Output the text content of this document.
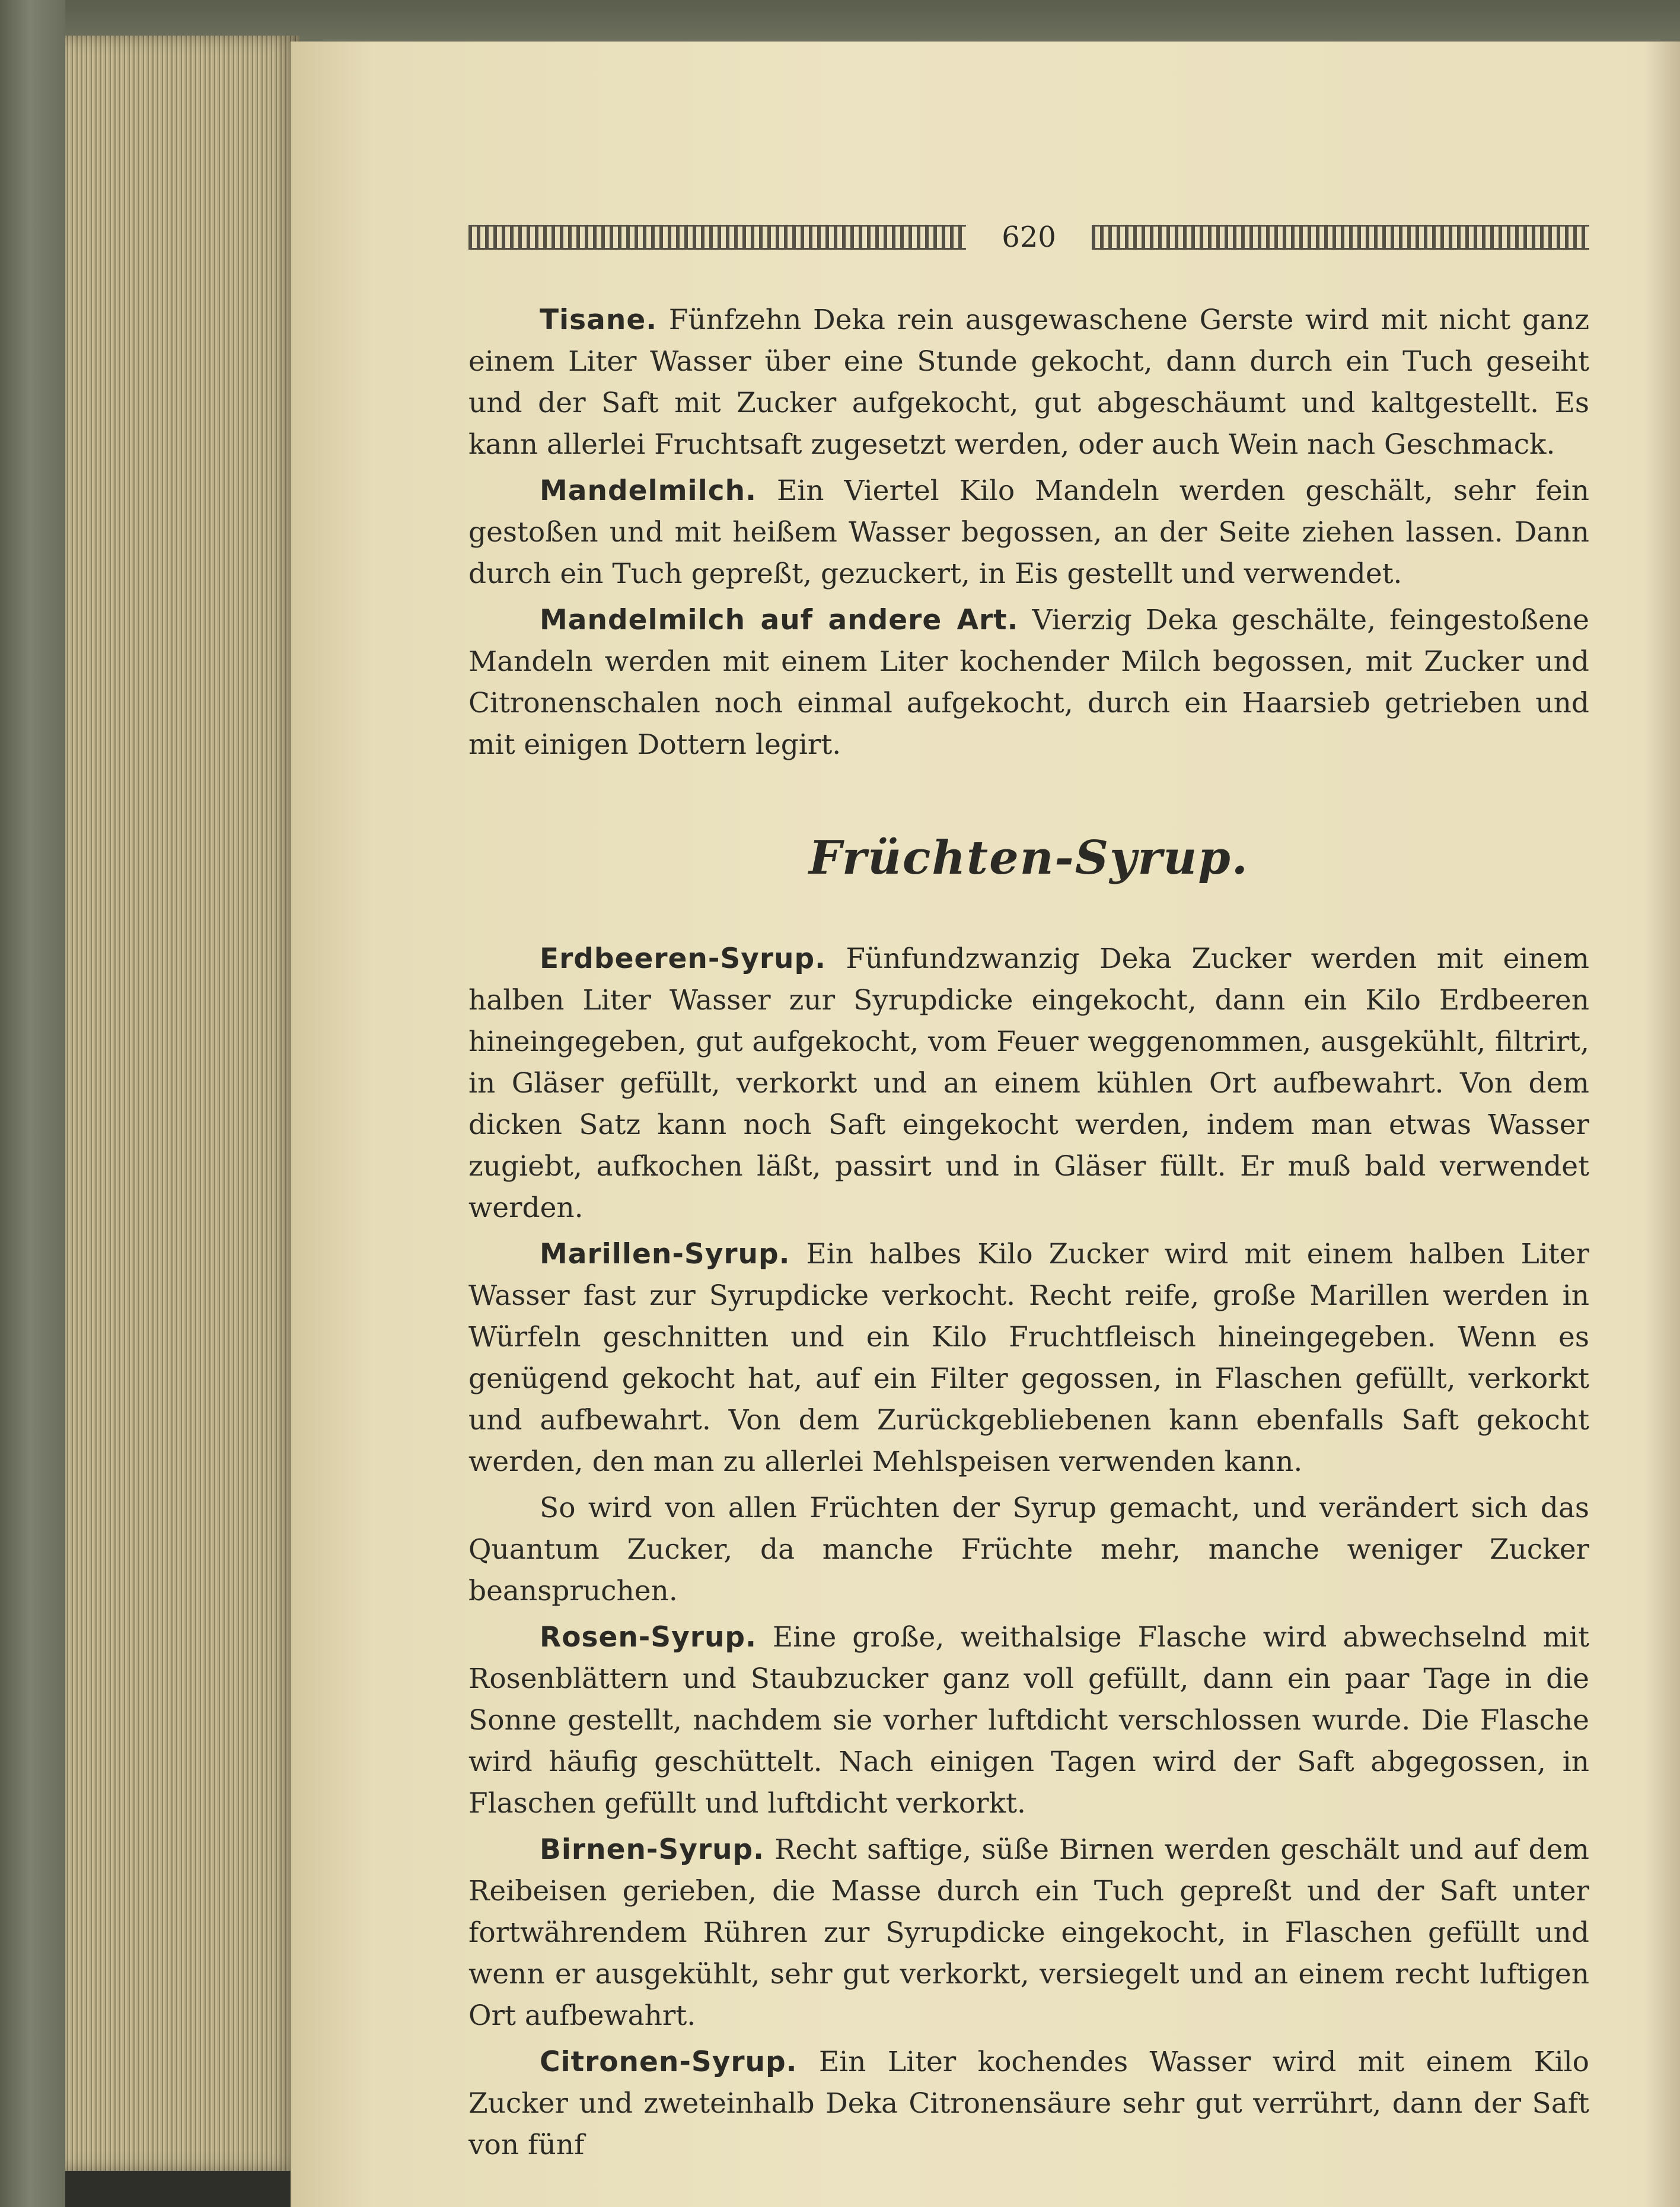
620

Tisane. Fünfzehn Deka rein ausgewaschene Gerste wird mit nicht ganz einem Liter Wasser über eine Stunde gekocht, dann durch ein Tuch geseiht und der Saft mit Zucker aufgekocht, gut abgeschäumt und kaltgestellt. Es kann allerlei Fruchtsaft zugesetzt werden, oder auch Wein nach Geschmack.

Mandelmilch. Ein Viertel Kilo Mandeln werden geschält, sehr fein gestoßen und mit heißem Wasser begossen, an der Seite ziehen lassen. Dann durch ein Tuch gepreßt, gezuckert, in Eis gestellt und verwendet.

Mandelmilch auf andere Art. Vierzig Deka geschälte, feingestoßene Mandeln werden mit einem Liter kochender Milch begossen, mit Zucker und Citronenschalen noch einmal aufgekocht, durch ein Haarsieb getrieben und mit einigen Dottern legirt.

Früchten-Syrup.

Erdbeeren-Syrup. Fünfundzwanzig Deka Zucker werden mit einem halben Liter Wasser zur Syrupdicke eingekocht, dann ein Kilo Erdbeeren hineingegeben, gut aufgekocht, vom Feuer weggenommen, ausgekühlt, filtrirt, in Gläser gefüllt, verkorkt und an einem kühlen Ort aufbewahrt. Von dem dicken Satz kann noch Saft eingekocht werden, indem man etwas Wasser zugiebt, aufkochen läßt, passirt und in Gläser füllt. Er muß bald verwendet werden.

Marillen-Syrup. Ein halbes Kilo Zucker wird mit einem halben Liter Wasser fast zur Syrupdicke verkocht. Recht reife, große Marillen werden in Würfeln geschnitten und ein Kilo Fruchtfleisch hineingegeben. Wenn es genügend gekocht hat, auf ein Filter gegossen, in Flaschen gefüllt, verkorkt und aufbewahrt. Von dem Zurückgebliebenen kann ebenfalls Saft gekocht werden, den man zu allerlei Mehlspeisen verwenden kann.

So wird von allen Früchten der Syrup gemacht, und verändert sich das Quantum Zucker, da manche Früchte mehr, manche weniger Zucker beanspruchen.

Rosen-Syrup. Eine große, weithalsige Flasche wird abwechselnd mit Rosenblättern und Staubzucker ganz voll gefüllt, dann ein paar Tage in die Sonne gestellt, nachdem sie vorher luftdicht verschlossen wurde. Die Flasche wird häufig geschüttelt. Nach einigen Tagen wird der Saft abgegossen, in Flaschen gefüllt und luftdicht verkorkt.

Birnen-Syrup. Recht saftige, süße Birnen werden geschält und auf dem Reibeisen gerieben, die Masse durch ein Tuch gepreßt und der Saft unter fortwährendem Rühren zur Syrupdicke eingekocht, in Flaschen gefüllt und wenn er ausgekühlt, sehr gut verkorkt, versiegelt und an einem recht luftigen Ort aufbewahrt.

Citronen-Syrup. Ein Liter kochendes Wasser wird mit einem Kilo Zucker und zweteinhalb Deka Citronensäure sehr gut verrührt, dann der Saft von fünf
